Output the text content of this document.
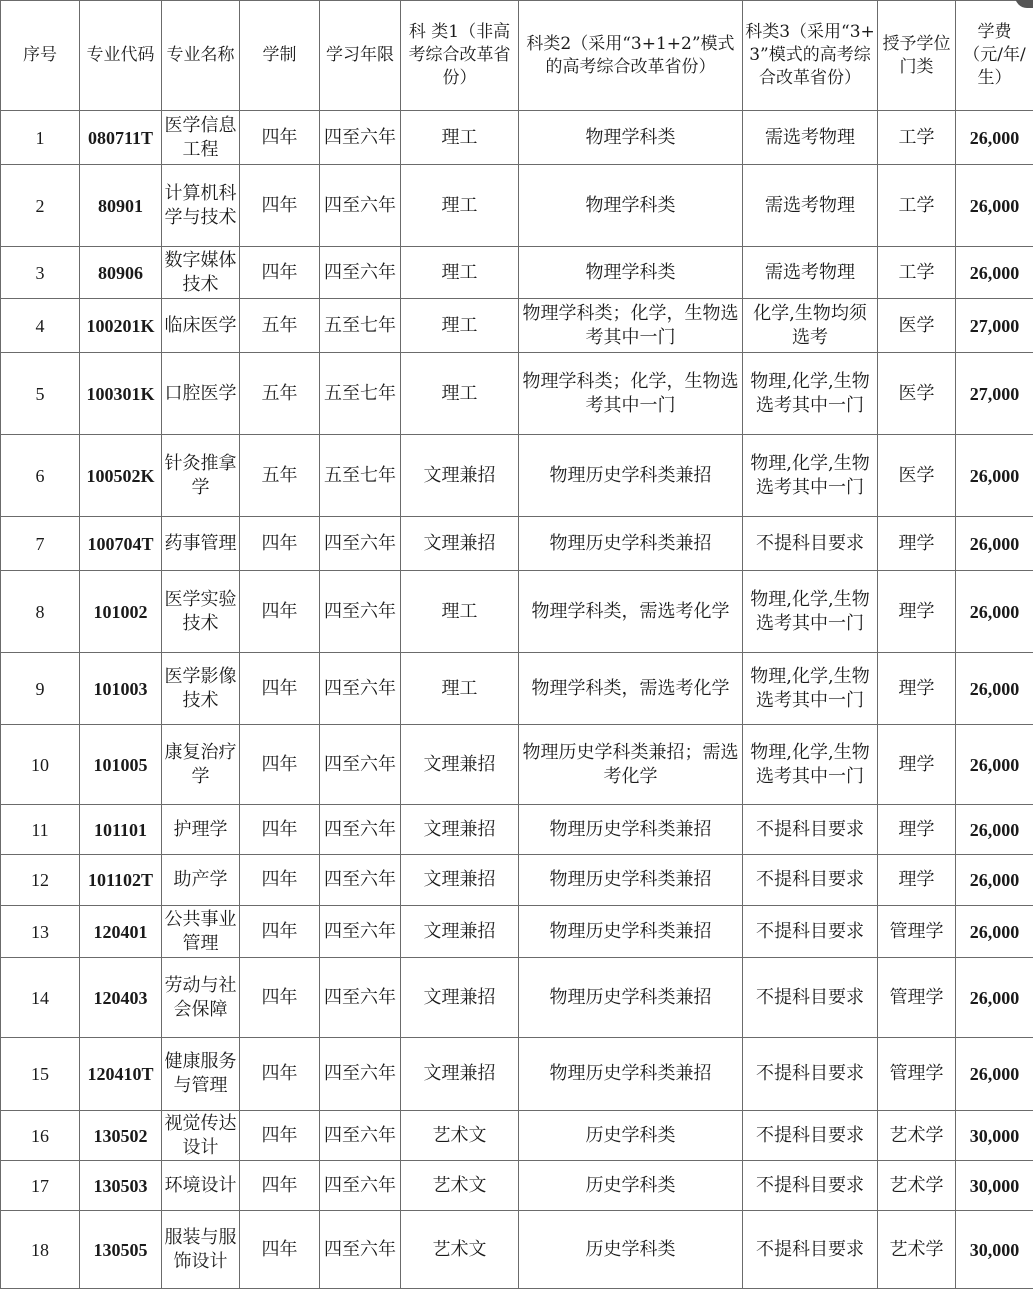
序号	专业代码	专业名称	学制	学习年限	科 类1（非高考综合改革省份）	科类2（采用“3+1+2”模式的高考综合改革省份）	科类3（采用“3+3”模式的高考综合改革省份）	授予学位门类	学费（元/年/生）
1	080711T	医学信息工程	四年	四至六年	理工	物理学科类	需选考物理	工学	26,000
2	80901	计算机科学与技术	四年	四至六年	理工	物理学科类	需选考物理	工学	26,000
3	80906	数字媒体技术	四年	四至六年	理工	物理学科类	需选考物理	工学	26,000
4	100201K	临床医学	五年	五至七年	理工	物理学科类；化学，生物选考其中一门	化学,生物均须选考	医学	27,000
5	100301K	口腔医学	五年	五至七年	理工	物理学科类；化学，生物选考其中一门	物理,化学,生物选考其中一门	医学	27,000
6	100502K	针灸推拿学	五年	五至七年	文理兼招	物理历史学科类兼招	物理,化学,生物选考其中一门	医学	26,000
7	100704T	药事管理	四年	四至六年	文理兼招	物理历史学科类兼招	不提科目要求	理学	26,000
8	101002	医学实验技术	四年	四至六年	理工	物理学科类，需选考化学	物理,化学,生物选考其中一门	理学	26,000
9	101003	医学影像技术	四年	四至六年	理工	物理学科类，需选考化学	物理,化学,生物选考其中一门	理学	26,000
10	101005	康复治疗学	四年	四至六年	文理兼招	物理历史学科类兼招；需选考化学	物理,化学,生物选考其中一门	理学	26,000
11	101101	护理学	四年	四至六年	文理兼招	物理历史学科类兼招	不提科目要求	理学	26,000
12	101102T	助产学	四年	四至六年	文理兼招	物理历史学科类兼招	不提科目要求	理学	26,000
13	120401	公共事业管理	四年	四至六年	文理兼招	物理历史学科类兼招	不提科目要求	管理学	26,000
14	120403	劳动与社会保障	四年	四至六年	文理兼招	物理历史学科类兼招	不提科目要求	管理学	26,000
15	120410T	健康服务与管理	四年	四至六年	文理兼招	物理历史学科类兼招	不提科目要求	管理学	26,000
16	130502	视觉传达设计	四年	四至六年	艺术文	历史学科类	不提科目要求	艺术学	30,000
17	130503	环境设计	四年	四至六年	艺术文	历史学科类	不提科目要求	艺术学	30,000
18	130505	服装与服饰设计	四年	四至六年	艺术文	历史学科类	不提科目要求	艺术学	30,000
